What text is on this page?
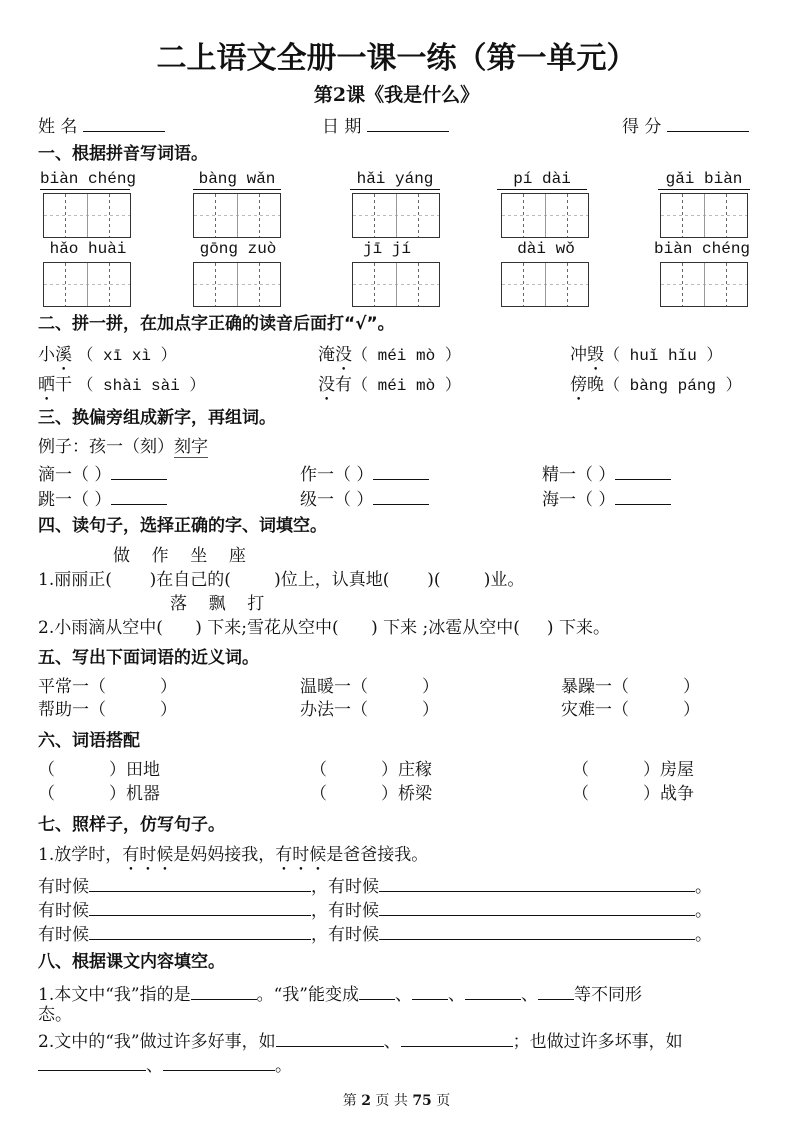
二上语文全册一课一练（第一单元）
第2课《我是什么》
姓 名	日 期	得 分
一、根据拼音写词语。
biàn chéng	bàng wǎn	hǎi yáng	pí dài	gǎi biàn
hǎo huài	gōng zuò	jī jí	dài wǒ	biàn chéng
二、拼一拼，在加点字正确的读音后面打“√”。
小溪 （ xī xì ）	淹没（ méi mò ）	冲毁（ huǐ hǐu ）
晒干 （ shài sài ）	没有（ méi mò ）	傍晚（ bàng páng ）
三、换偏旁组成新字，再组词。
例子：孩一（刻）刻字
滴一（ ）	作一（ ）	精一（ ）
跳一（ ）	级一（ ）	海一（ ）
四、读句子，选择正确的字、词填空。
做    作    坐    座
1.丽丽正(       )在自己的(        )位上，认真地(       )(        )业。
落    飘    打
2.小雨滴从空中(      ) 下来;雪花从空中(      ) 下来 ;冰雹从空中(     ) 下来。
五、写出下面词语的近义词。
平常一（          ）	温暖一（          ）	暴躁一（          ）
帮助一（          ）	办法一（          ）	灾难一（          ）
六、词语搭配
（          ）田地	（          ）庄稼	（          ）房屋
（          ）机器	（          ）桥梁	（          ）战争
七、照样子，仿写句子。
1.放学时，有时候是妈妈接我，有时候是爸爸接我。
有时候	，有时候	。
有时候	，有时候	。
有时候	，有时候	。
八、根据课文内容填空。
1.本文中“我”指的是	。“我”能变成 、 、	、 等不同形
态。
2.文中的“我”做过许多好事，如	、	；也做过许多坏事，如
、	。
第 2 页 共 75 页
